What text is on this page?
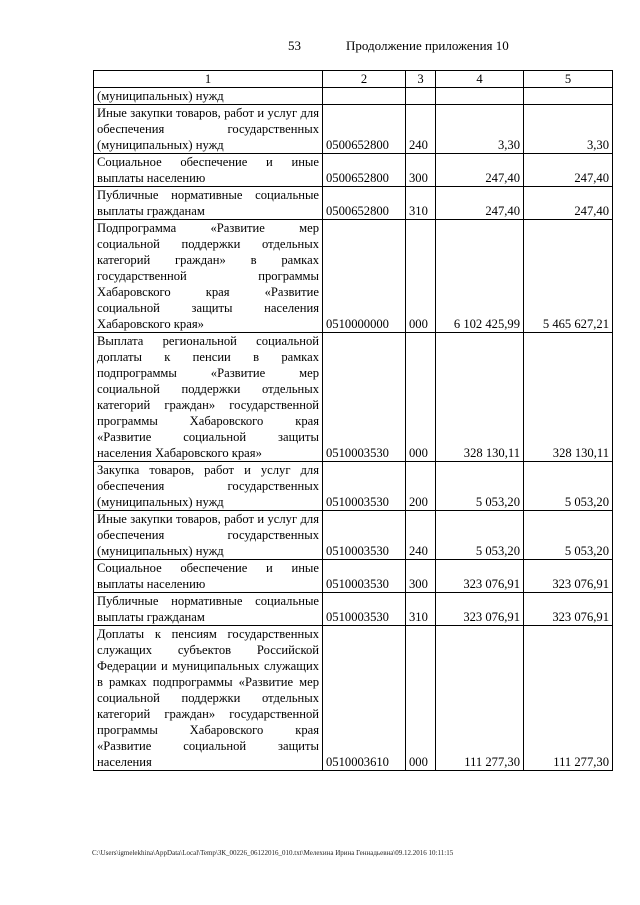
53	Продолжение приложения 10
1	2	3	4	5
(муниципальных) нужд				
Иные закупки товаров, работ и услуг для обеспечения государственных (муниципальных) нужд	0500652800	240	3,30	3,30
Социальное обеспечение и иные выплаты населению	0500652800	300	247,40	247,40
Публичные нормативные социальные выплаты гражданам	0500652800	310	247,40	247,40
Подпрограмма «Развитие мер социальной поддержки отдельных категорий граждан» в рамках государственной программы Хабаровского края «Развитие социальной защиты населения Хабаровского края»	0510000000	000	6 102 425,99	5 465 627,21
Выплата региональной социальной доплаты к пенсии в рамках подпрограммы «Развитие мер социальной поддержки отдельных категорий граждан» государственной программы Хабаровского края «Развитие социальной защиты населения Хабаровского края»	0510003530	000	328 130,11	328 130,11
Закупка товаров, работ и услуг для обеспечения государственных (муниципальных) нужд	0510003530	200	5 053,20	5 053,20
Иные закупки товаров, работ и услуг для обеспечения государственных (муниципальных) нужд	0510003530	240	5 053,20	5 053,20
Социальное обеспечение и иные выплаты населению	0510003530	300	323 076,91	323 076,91
Публичные нормативные социальные выплаты гражданам	0510003530	310	323 076,91	323 076,91
Доплаты к пенсиям государственных служащих субъектов Российской Федерации и муниципальных служащих в рамках подпрограммы «Развитие мер социальной поддержки отдельных категорий граждан» государственной программы Хабаровского края «Развитие социальной защиты населения	0510003610	000	111 277,30	111 277,30
C:\Users\igmelekhina\AppData\Local\Temp\ЗК_00226_06122016_010.txt\Мелехина Ирина Геннадьевна\09.12.2016 10:11:15
